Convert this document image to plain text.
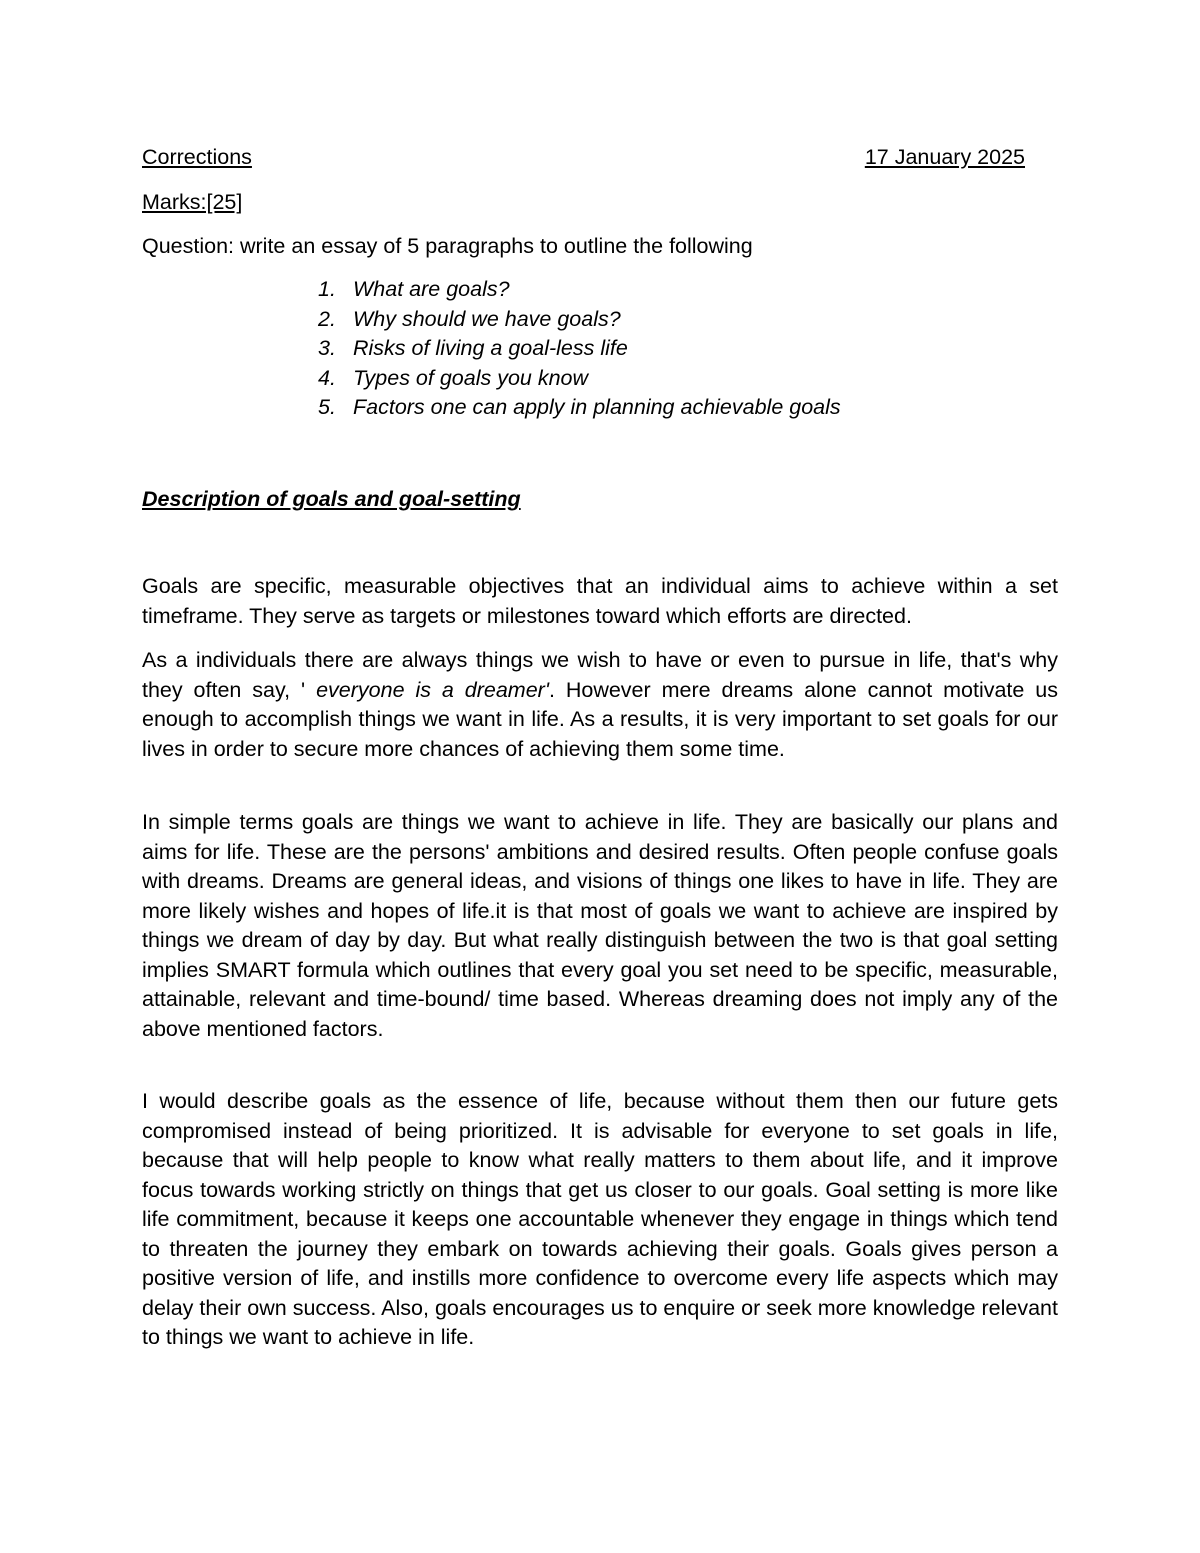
Corrections	17 January 2025
Marks:[25]
Question: write an essay of 5 paragraphs to outline the following
1. What are goals?
2. Why should we have goals?
3. Risks of living a goal-less life
4. Types of goals you know
5. Factors one can apply in planning achievable goals
Description of goals and goal-setting

Goals are specific, measurable objectives that an individual aims to achieve within a set timeframe. They serve as targets or milestones toward which efforts are directed.

As a individuals there are always things we wish to have or even to pursue in life, that's why they often say, ' everyone is a dreamer'. However mere dreams alone cannot motivate us enough to accomplish things we want in life. As a results, it is very important to set goals for our lives in order to secure more chances of achieving them some time.

In simple terms goals are things we want to achieve in life. They are basically our plans and aims for life. These are the persons' ambitions and desired results. Often people confuse goals with dreams. Dreams are general ideas, and visions of things one likes to have in life. They are more likely wishes and hopes of life.it is that most of goals we want to achieve are inspired by things we dream of day by day. But what really distinguish between the two is that goal setting implies SMART formula which outlines that every goal you set need to be specific, measurable, attainable, relevant and time-bound/ time based. Whereas dreaming does not imply any of the above mentioned factors.

I would describe goals as the essence of life, because without them then our future gets compromised instead of being prioritized. It is advisable for everyone to set goals in life, because that will help people to know what really matters to them about life, and it improve focus towards working strictly on things that get us closer to our goals. Goal setting is more like life commitment, because it keeps one accountable whenever they engage in things which tend to threaten the journey they embark on towards achieving their goals. Goals gives person a positive version of life, and instills more confidence to overcome every life aspects which may delay their own success. Also, goals encourages us to enquire or seek more knowledge relevant to things we want to achieve in life.
